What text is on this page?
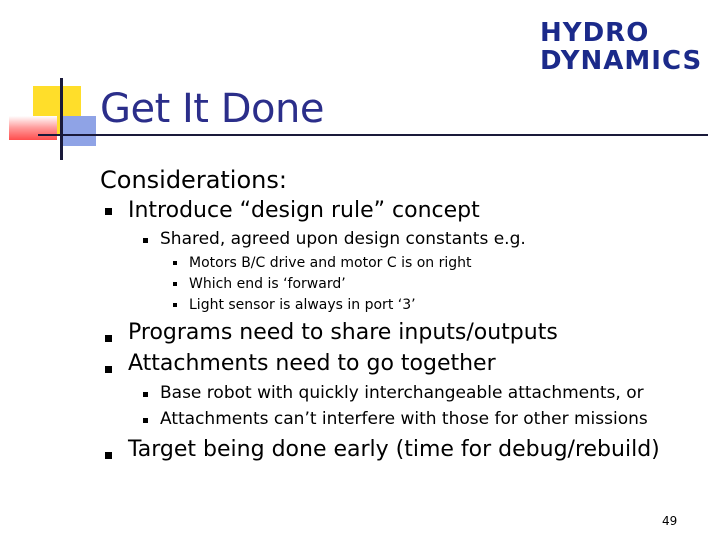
HYDRO
DYNAMICS
Get It Done
Considerations:
Introduce “design rule” concept
Shared, agreed upon design constants e.g.
Motors B/C drive and motor C is on right
Which end is ‘forward’
Light sensor is always in port ‘3’
Programs need to share inputs/outputs
Attachments need to go together
Base robot with quickly interchangeable attachments, or
Attachments can’t interfere with those for other missions
Target being done early (time for debug/rebuild)
49
